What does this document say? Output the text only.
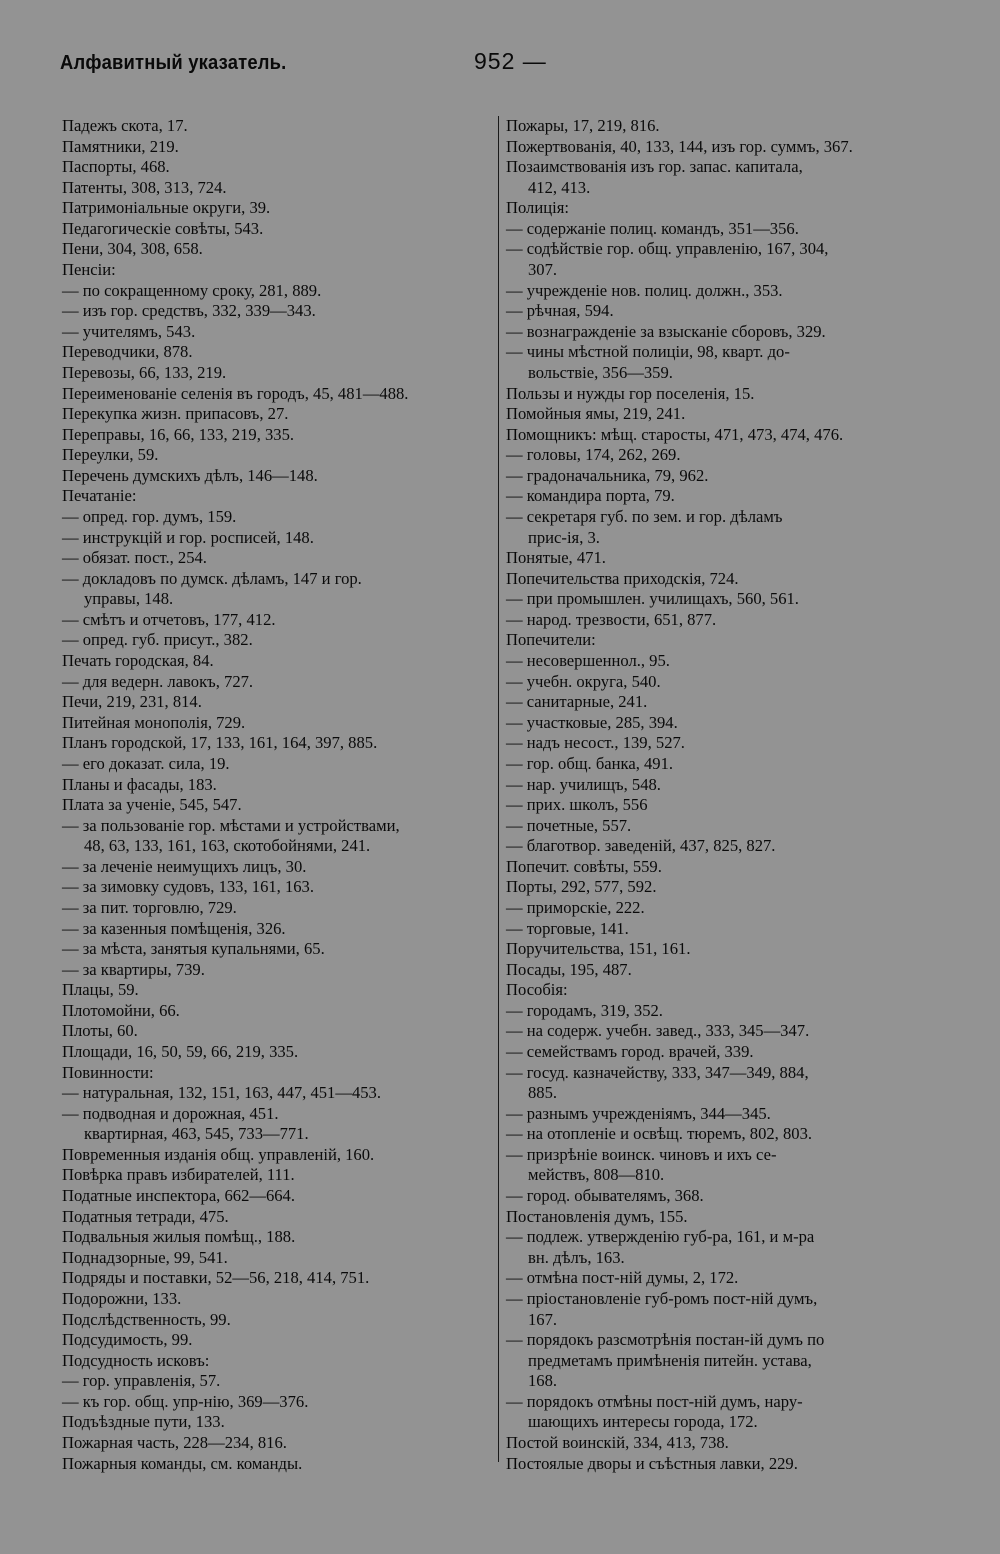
Алфавитный указатель.	952 —
Падежъ скота, 17.
Памятники, 219.
Паспорты, 468.
Патенты, 308, 313, 724.
Патримоніальные округи, 39.
Педагогическіе совѣты, 543.
Пени, 304, 308, 658.
Пенсіи:
— по сокращенному сроку, 281, 889.
— изъ гор. средствъ, 332, 339—343.
— учителямъ, 543.
Переводчики, 878.
Перевозы, 66, 133, 219.
Переименованіе селенія въ городъ, 45, 481—488.
Перекупка жизн. припасовъ, 27.
Переправы, 16, 66, 133, 219, 335.
Переулки, 59.
Перечень думскихъ дѣлъ, 146—148.
Печатаніе:
— опред. гор. думъ, 159.
— инструкцій и гор. росписей, 148.
— обязат. пост., 254.
— докладовъ по думск. дѣламъ, 147 и гор.
управы, 148.
— смѣтъ и отчетовъ, 177, 412.
— опред. губ. присут., 382.
Печать городская, 84.
— для ведерн. лавокъ, 727.
Печи, 219, 231, 814.
Питейная монополія, 729.
Планъ городской, 17, 133, 161, 164, 397, 885.
— его доказат. сила, 19.
Планы и фасады, 183.
Плата за ученіе, 545, 547.
— за пользованіе гор. мѣстами и устройствами,
48, 63, 133, 161, 163, скотобойнями, 241.
— за леченіе неимущихъ лицъ, 30.
— за зимовку судовъ, 133, 161, 163.
— за пит. торговлю, 729.
— за казенныя помѣщенія, 326.
— за мѣста, занятыя купальнями, 65.
— за квартиры, 739.
Плацы, 59.
Плотомойни, 66.
Плоты, 60.
Площади, 16, 50, 59, 66, 219, 335.
Повинности:
— натуральная, 132, 151, 163, 447, 451—453.
— подводная и дорожная, 451.
квартирная, 463, 545, 733—771.
Повременныя изданія общ. управленій, 160.
Повѣрка правъ избирателей, 111.
Податные инспектора, 662—664.
Податныя тетради, 475.
Подвальныя жилыя помѣщ., 188.
Поднадзорные, 99, 541.
Подряды и поставки, 52—56, 218, 414, 751.
Подорожни, 133.
Подслѣдственность, 99.
Подсудимость, 99.
Подсудность исковъ:
— гор. управленія, 57.
— къ гор. общ. упр-нію, 369—376.
Подъѣздные пути, 133.
Пожарная часть, 228—234, 816.
Пожарныя команды, см. команды.
Пожары, 17, 219, 816.
Пожертвованія, 40, 133, 144, изъ гор. суммъ, 367.
Позаимствованія изъ гор. запас. капитала,
412, 413.
Полиція:
— содержаніе полиц. командъ, 351—356.
— содѣйствіе гор. общ. управленію, 167, 304,
307.
— учрежденіе нов. полиц. должн., 353.
— рѣчная, 594.
— вознагражденіе за взысканіе сборовъ, 329.
— чины мѣстной полиціи, 98, кварт. до-
вольствіе, 356—359.
Пользы и нужды гор поселенія, 15.
Помойныя ямы, 219, 241.
Помощникъ: мѣщ. старосты, 471, 473, 474, 476.
— головы, 174, 262, 269.
— градоначальника, 79, 962.
— командира порта, 79.
— секретаря губ. по зем. и гор. дѣламъ
прис-ія, 3.
Понятые, 471.
Попечительства приходскія, 724.
— при промышлен. училищахъ, 560, 561.
— народ. трезвости, 651, 877.
Попечители:
— несовершеннол., 95.
— учебн. округа, 540.
— санитарные, 241.
— участковые, 285, 394.
— надъ несост., 139, 527.
— гор. общ. банка, 491.
— нар. училищъ, 548.
— прих. школъ, 556
— почетные, 557.
— благотвор. заведеній, 437, 825, 827.
Попечит. совѣты, 559.
Порты, 292, 577, 592.
— приморскіе, 222.
— торговые, 141.
Поручительства, 151, 161.
Посады, 195, 487.
Пособія:
— городамъ, 319, 352.
— на содерж. учебн. завед., 333, 345—347.
— семействамъ город. врачей, 339.
— госуд. казначейству, 333, 347—349, 884,
885.
— разнымъ учрежденіямъ, 344—345.
— на отопленіе и освѣщ. тюремъ, 802, 803.
— призрѣніе воинск. чиновъ и ихъ се-
мействъ, 808—810.
— город. обывателямъ, 368.
Постановленія думъ, 155.
— подлеж. утвержденію губ-ра, 161, и м-ра
вн. дѣлъ, 163.
— отмѣна пост-ній думы, 2, 172.
— пріостановленіе губ-ромъ пост-ній думъ,
167.
— порядокъ разсмотрѣнія постан-ій думъ по
предметамъ примѣненія питейн. устава,
168.
— порядокъ отмѣны пост-ній думъ, нару-
шающихъ интересы города, 172.
Постой воинскій, 334, 413, 738.
Постоялые дворы и съѣстныя лавки, 229.
